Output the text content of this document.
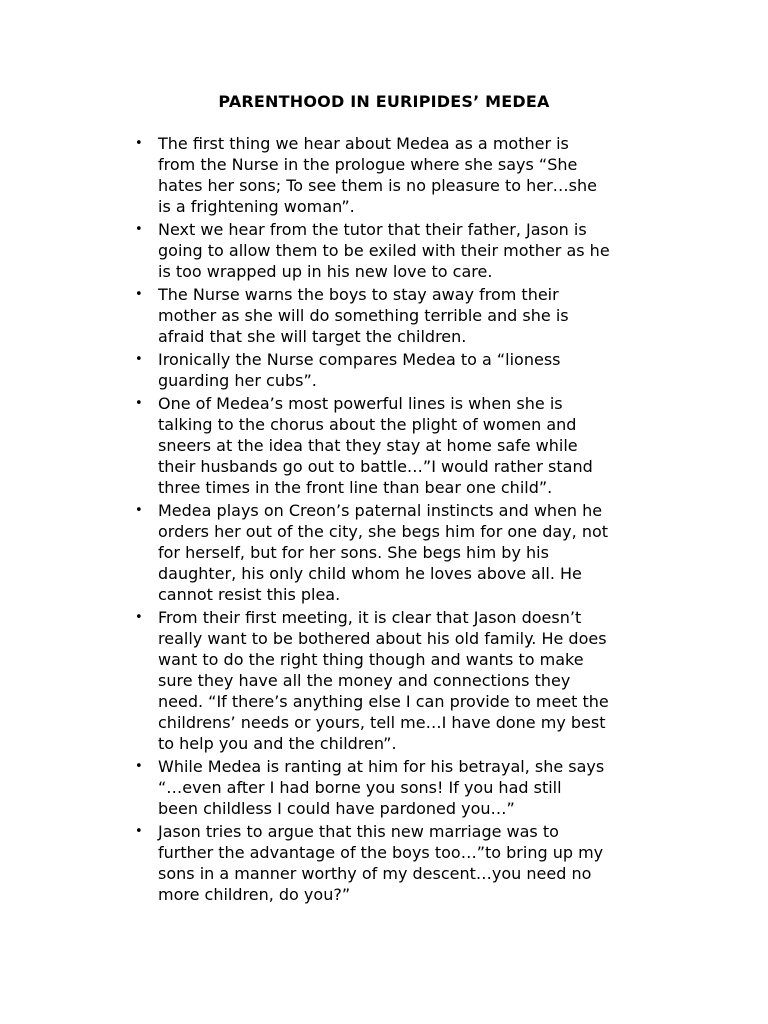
PARENTHOOD IN EURIPIDES’ MEDEA
• The first thing we hear about Medea as a mother is
from the Nurse in the prologue where she says “She
hates her sons; To see them is no pleasure to her…she
is a frightening woman”.
• Next we hear from the tutor that their father, Jason is
going to allow them to be exiled with their mother as he
is too wrapped up in his new love to care.
• The Nurse warns the boys to stay away from their
mother as she will do something terrible and she is
afraid that she will target the children.
• Ironically the Nurse compares Medea to a “lioness
guarding her cubs”.
• One of Medea’s most powerful lines is when she is
talking to the chorus about the plight of women and
sneers at the idea that they stay at home safe while
their husbands go out to battle…”I would rather stand
three times in the front line than bear one child”.
• Medea plays on Creon’s paternal instincts and when he
orders her out of the city, she begs him for one day, not
for herself, but for her sons. She begs him by his
daughter, his only child whom he loves above all. He
cannot resist this plea.
• From their first meeting, it is clear that Jason doesn’t
really want to be bothered about his old family. He does
want to do the right thing though and wants to make
sure they have all the money and connections they
need. “If there’s anything else I can provide to meet the
childrens’ needs or yours, tell me…I have done my best
to help you and the children”.
• While Medea is ranting at him for his betrayal, she says
“…even after I had borne you sons! If you had still
been childless I could have pardoned you…”
• Jason tries to argue that this new marriage was to
further the advantage of the boys too…”to bring up my
sons in a manner worthy of my descent…you need no
more children, do you?”
